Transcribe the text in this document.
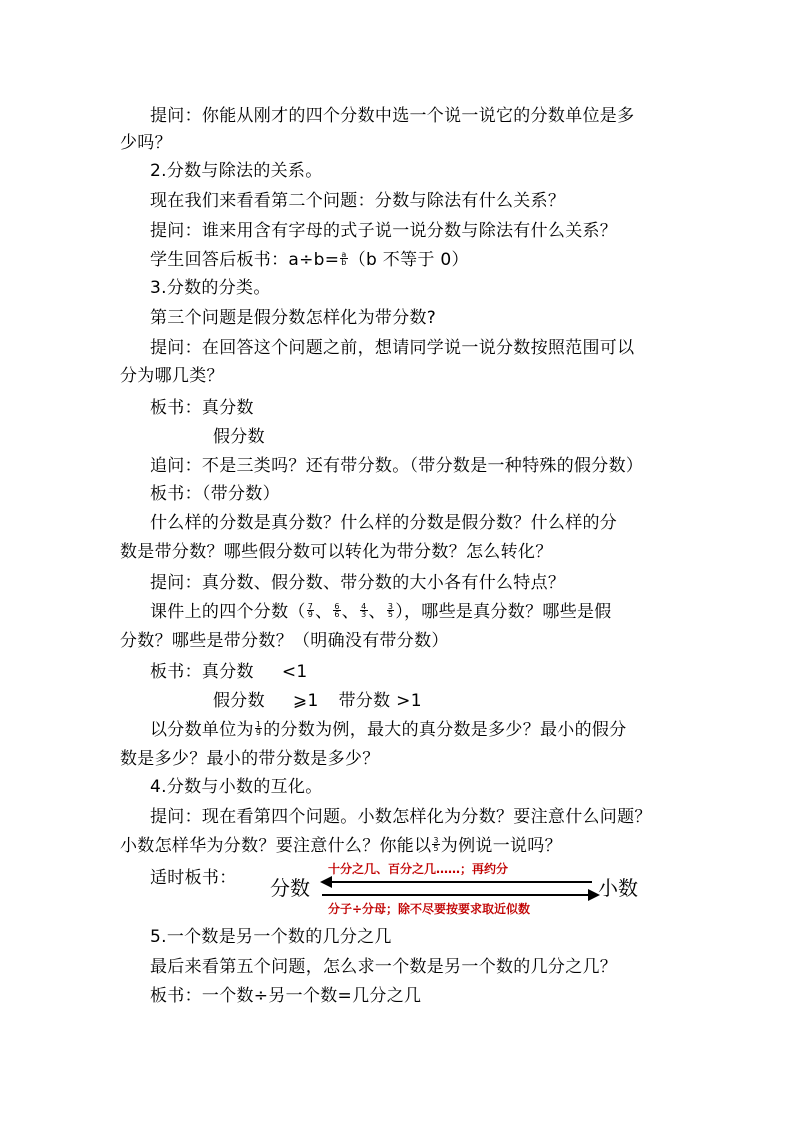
提问：你能从刚才的四个分数中选一个说一说它的分数单位是多
少吗？
2.分数与除法的关系。
现在我们来看看第二个问题：分数与除法有什么关系？
提问：谁来用含有字母的式子说一说分数与除法有什么关系？
学生回答后板书：$a\div b= \frac{a}{b} (b$ 不等于 0）
3.分数的分类。
第三个问题是假分数怎样化为带分数?
提问：在回答这个问题之前，想请同学说一说分数按照范围可以
分为哪几类？
板书：真分数
假分数
追问：不是三类吗？还有带分数。（带分数是一种特殊的假分数）
板书：（带分数）
什么样的分数是真分数？什么样的分数是假分数？什么样的分
数是带分数？哪些假分数可以转化为带分数？怎么转化？
提问：真分数、假分数、带分数的大小各有什么特点？
课件上的四个分数（ $\frac{7}{9}$ 、 $\frac{6}{6}$ 、 $\frac{4}{3}$ 、 $\frac{3}{5}$ ），哪些是真分数？哪些是假
分数？哪些是带分数？（明确没有带分数）
板书：真分数 <1
假分数 ⩾1 带分数 >1
以分数单位为 $\frac{1}{9}$ 的分数为例，最大的真分数是多少？最小的假分
数是多少？最小的带分数是多少？
4.分数与小数的互化。
提问：现在看第四个问题。小数怎样化为分数？要注意什么问题？
小数怎样华为分数？要注意什么？你能以 $\frac{3}{5}$ 为例说一说吗？
适时板书： 分数
十分之几、百分之几……；再约分
小数
分子÷分母；除不尽要按要求取近似数
5.一个数是另一个数的几分之几
最后来看第五个问题，怎么求一个数是另一个数的几分之几？
板书：一个数÷另一个数=几分之几
